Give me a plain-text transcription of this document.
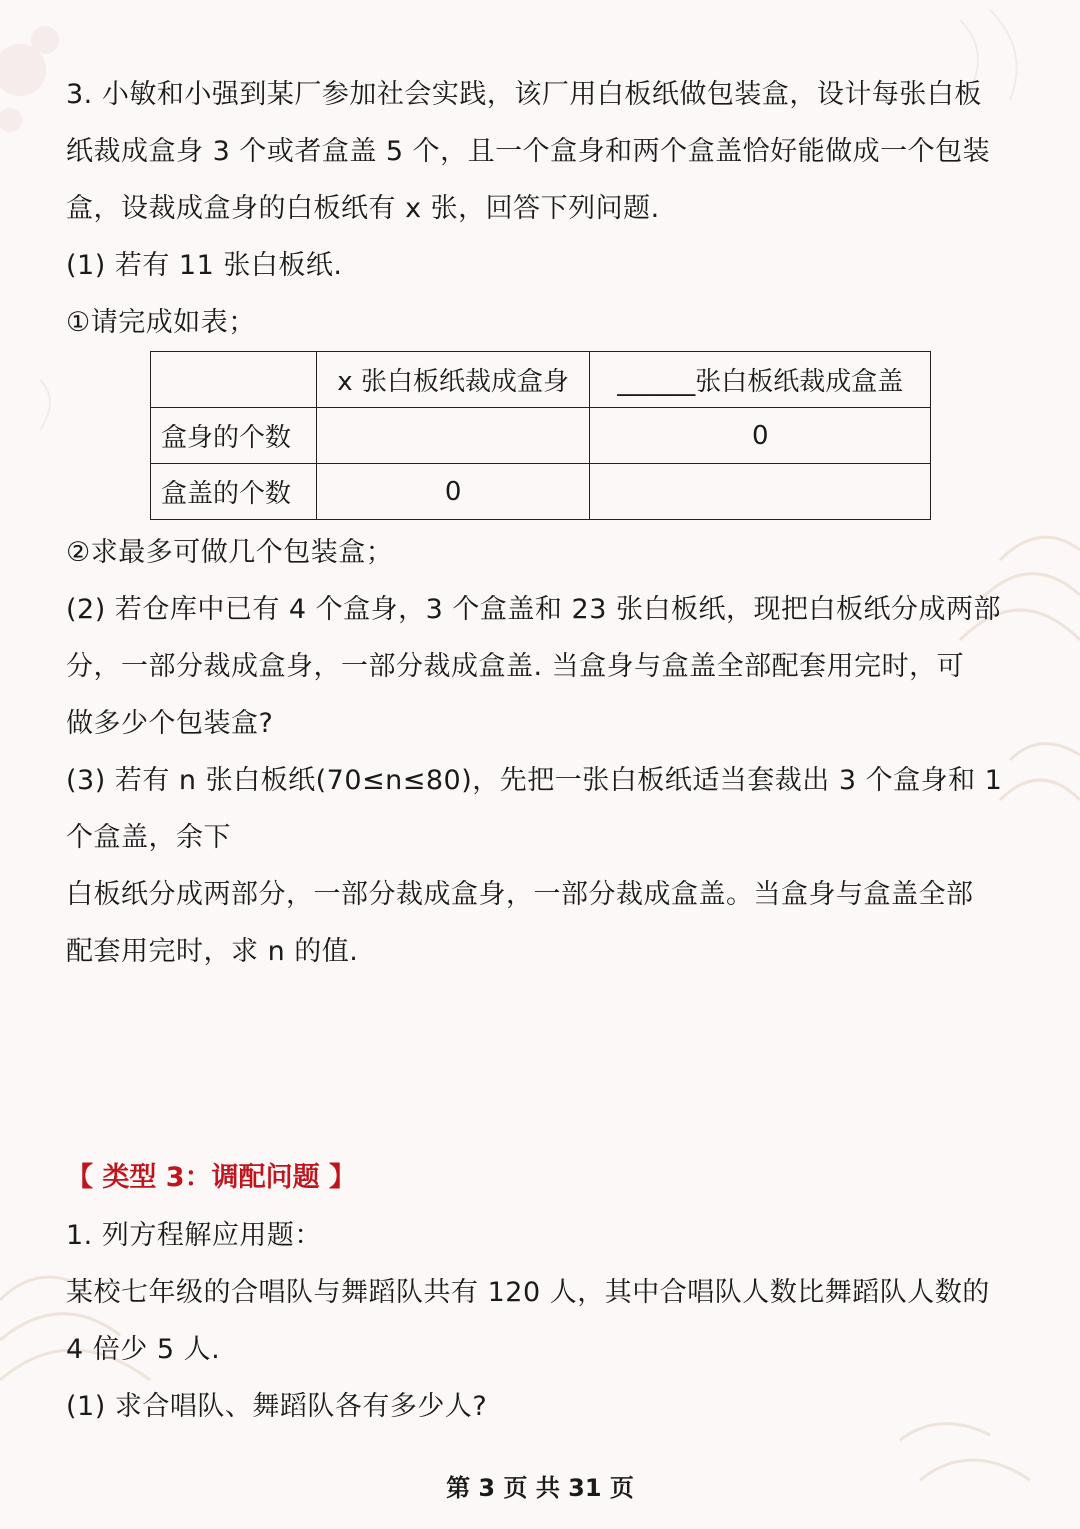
3. 小敏和小强到某厂参加社会实践，该厂用白板纸做包装盒，设计每张白板
纸裁成盒身 3 个或者盒盖 5 个，且一个盒身和两个盒盖恰好能做成一个包装
盒，设裁成盒身的白板纸有 x 张，回答下列问题.
(1) 若有 11 张白板纸.
①请完成如表；
	x 张白板纸裁成盒身	______张白板纸裁成盒盖
盒身的个数		0
盒盖的个数	0	
②求最多可做几个包装盒；
(2) 若仓库中已有 4 个盒身，3 个盒盖和 23 张白板纸，现把白板纸分成两部
分，一部分裁成盒身，一部分裁成盒盖. 当盒身与盒盖全部配套用完时，可
做多少个包装盒?
(3) 若有 n 张白板纸(70≤n≤80)，先把一张白板纸适当套裁出 3 个盒身和 1
个盒盖，余下
白板纸分成两部分，一部分裁成盒身，一部分裁成盒盖。当盒身与盒盖全部
配套用完时，求 n 的值.
【 类型 3：调配问题 】
1. 列方程解应用题：
某校七年级的合唱队与舞蹈队共有 120 人，其中合唱队人数比舞蹈队人数的
4 倍少 5 人.
(1) 求合唱队、舞蹈队各有多少人?
第 3 页 共 31 页
